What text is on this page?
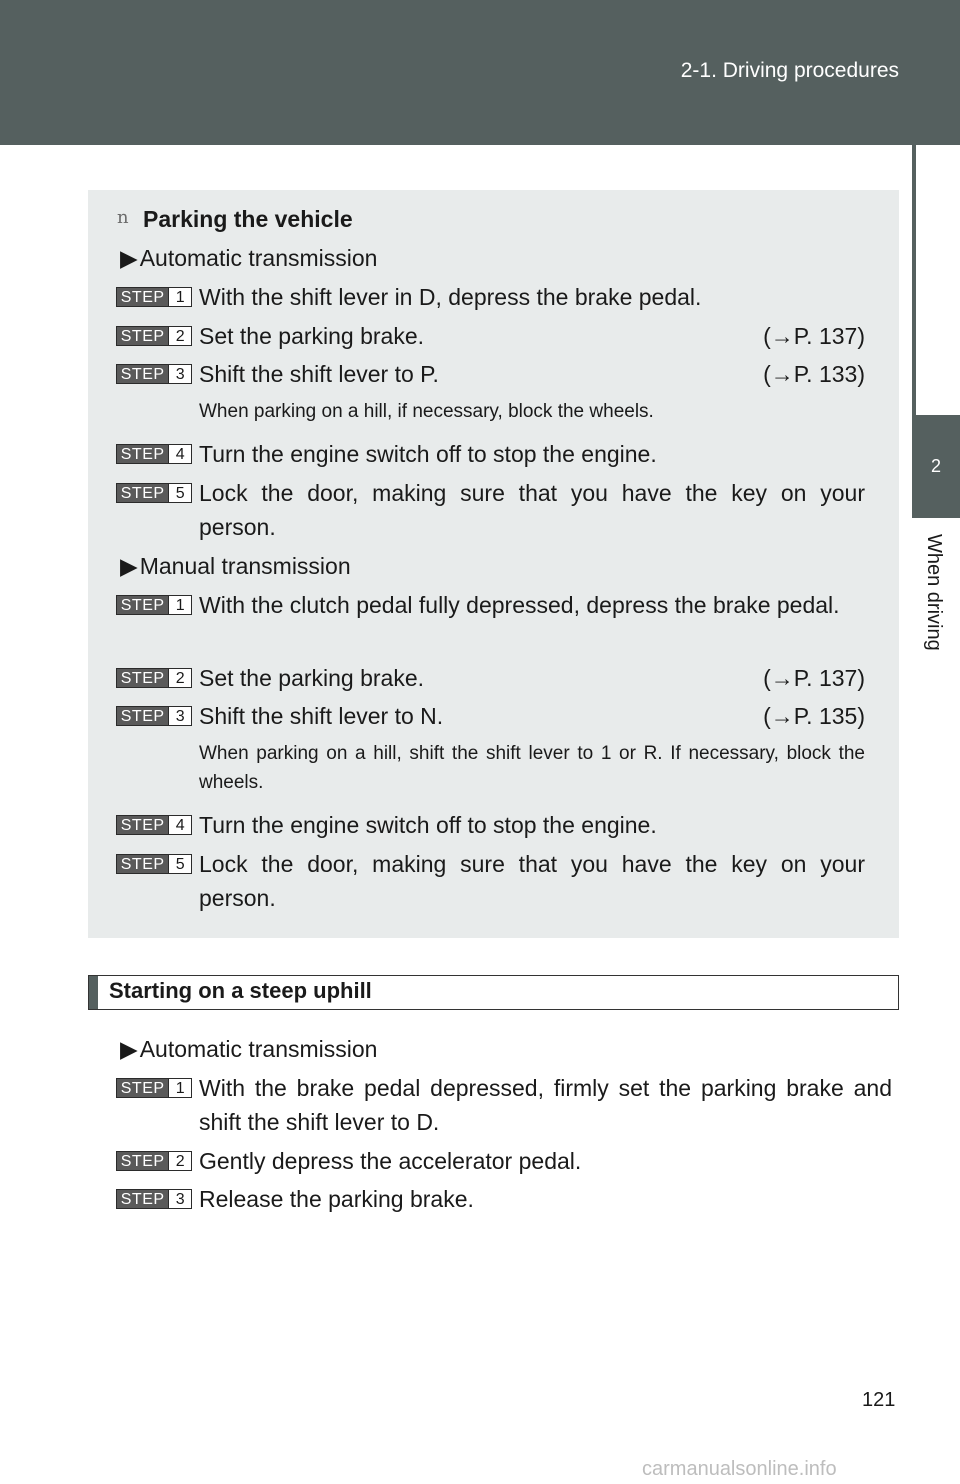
2-1. Driving procedures
2
When driving
n Parking the vehicle
▶Automatic transmission
STEP 1 With the shift lever in D, depress the brake pedal.
STEP 2 Set the parking brake.	(→P. 137)
STEP 3 Shift the shift lever to P.	(→P. 133)
When parking on a hill, if necessary, block the wheels.
STEP 4 Turn the engine switch off to stop the engine.
STEP 5 Lock the door, making sure that you have the key on your person.
▶Manual transmission
STEP 1 With the clutch pedal fully depressed, depress the brake pedal.
STEP 2 Set the parking brake.	(→P. 137)
STEP 3 Shift the shift lever to N.	(→P. 135)
When parking on a hill, shift the shift lever to 1 or R. If necessary, block the wheels.
STEP 4 Turn the engine switch off to stop the engine.
STEP 5 Lock the door, making sure that you have the key on your person.
Starting on a steep uphill
▶Automatic transmission
STEP 1 With the brake pedal depressed, firmly set the parking brake and shift the shift lever to D.
STEP 2 Gently depress the accelerator pedal.
STEP 3 Release the parking brake.
121
carmanualsonline.info
